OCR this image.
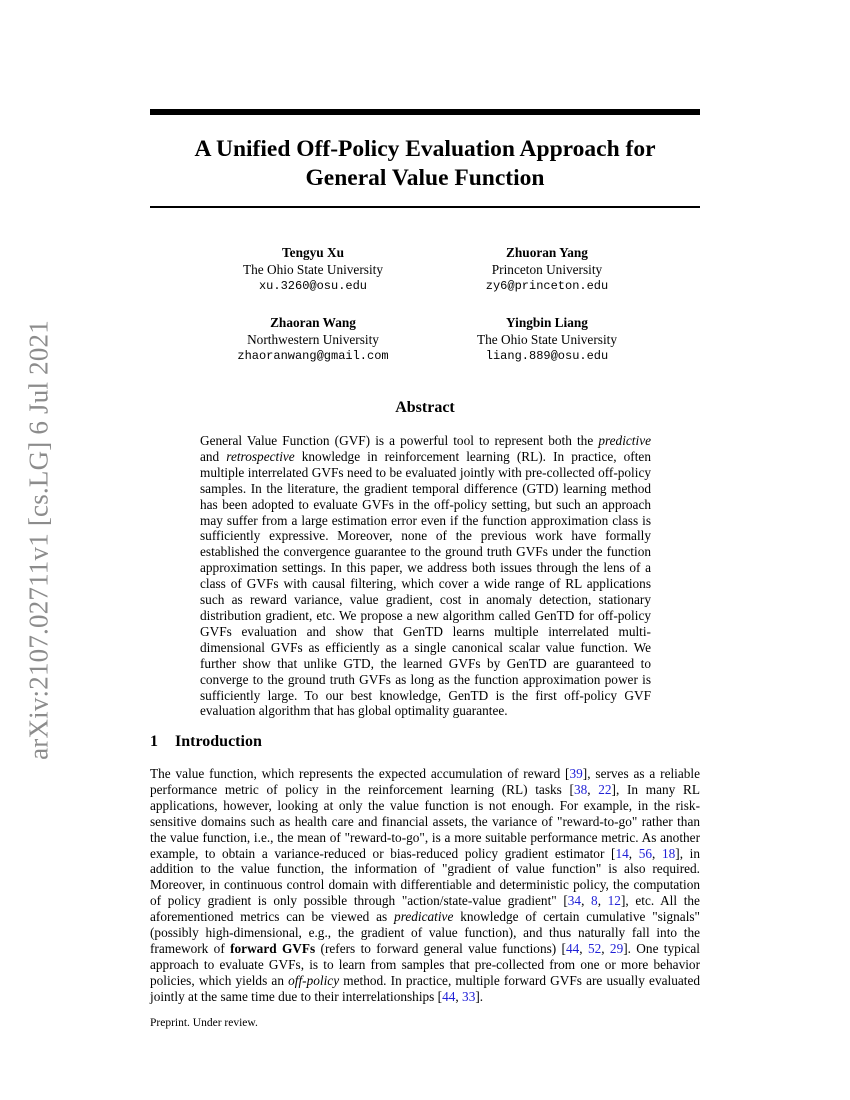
arXiv:2107.02711v1 [cs.LG] 6 Jul 2021
A Unified Off-Policy Evaluation Approach for
General Value Function
Tengyu Xu
The Ohio State University
xu.3260@osu.edu
Zhuoran Yang
Princeton University
zy6@princeton.edu
Zhaoran Wang
Northwestern University
zhaoranwang@gmail.com
Yingbin Liang
The Ohio State University
liang.889@osu.edu
Abstract
General Value Function (GVF) is a powerful tool to represent both the predictive and retrospective knowledge in reinforcement learning (RL). In practice, often multiple interrelated GVFs need to be evaluated jointly with pre-collected off-policy samples. In the literature, the gradient temporal difference (GTD) learning method has been adopted to evaluate GVFs in the off-policy setting, but such an approach may suffer from a large estimation error even if the function approximation class is sufficiently expressive. Moreover, none of the previous work have formally established the convergence guarantee to the ground truth GVFs under the function approximation settings. In this paper, we address both issues through the lens of a class of GVFs with causal filtering, which cover a wide range of RL applications such as reward variance, value gradient, cost in anomaly detection, stationary distribution gradient, etc. We propose a new algorithm called GenTD for off-policy GVFs evaluation and show that GenTD learns multiple interrelated multi-dimensional GVFs as efficiently as a single canonical scalar value function. We further show that unlike GTD, the learned GVFs by GenTD are guaranteed to converge to the ground truth GVFs as long as the function approximation power is sufficiently large. To our best knowledge, GenTD is the first off-policy GVF evaluation algorithm that has global optimality guarantee.
1 Introduction
The value function, which represents the expected accumulation of reward [39], serves as a reliable performance metric of policy in the reinforcement learning (RL) tasks [38, 22], In many RL applications, however, looking at only the value function is not enough. For example, in the risk-sensitive domains such as health care and financial assets, the variance of "reward-to-go" rather than the value function, i.e., the mean of "reward-to-go", is a more suitable performance metric. As another example, to obtain a variance-reduced or bias-reduced policy gradient estimator [14, 56, 18], in addition to the value function, the information of "gradient of value function" is also required. Moreover, in continuous control domain with differentiable and deterministic policy, the computation of policy gradient is only possible through "action/state-value gradient" [34, 8, 12], etc. All the aforementioned metrics can be viewed as predicative knowledge of certain cumulative "signals" (possibly high-dimensional, e.g., the gradient of value function), and thus naturally fall into the framework of forward GVFs (refers to forward general value functions) [44, 52, 29]. One typical approach to evaluate GVFs, is to learn from samples that pre-collected from one or more behavior policies, which yields an off-policy method. In practice, multiple forward GVFs are usually evaluated jointly at the same time due to their interrelationships [44, 33].
Preprint. Under review.
